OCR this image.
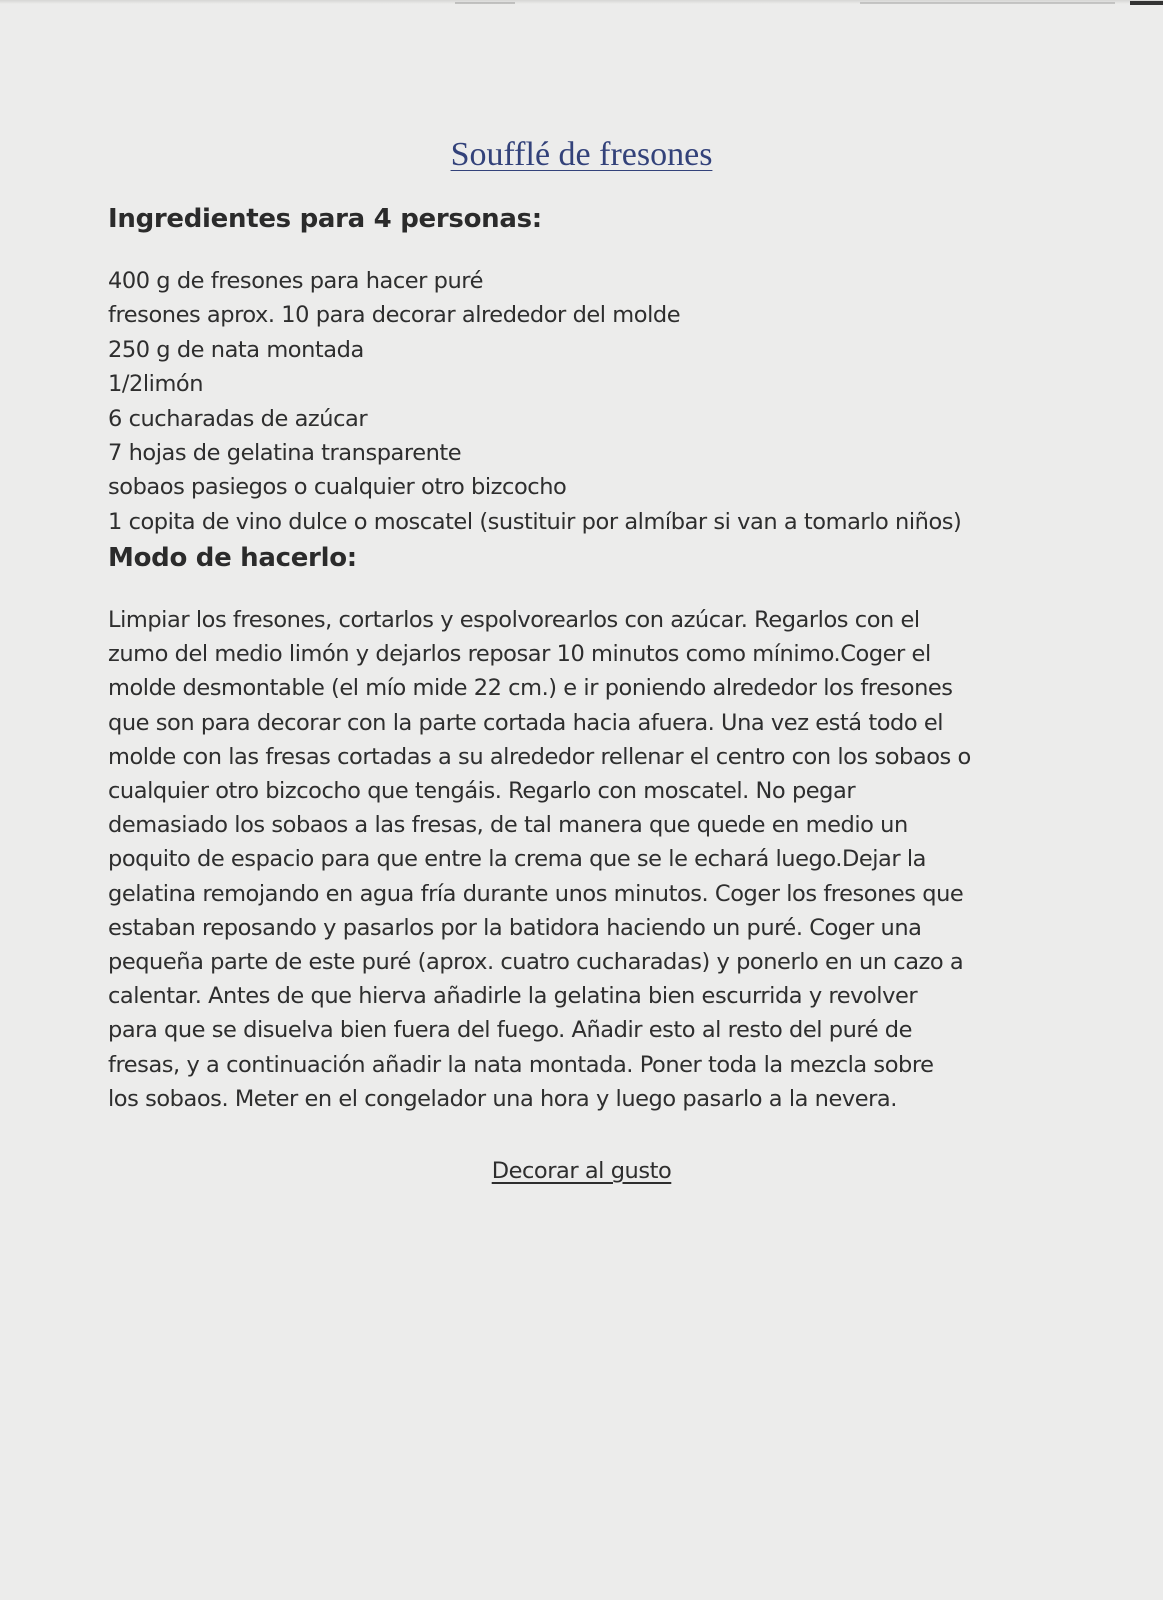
Soufflé de fresones
Ingredientes para 4 personas:
400 g de fresones para hacer puré
fresones aprox. 10 para decorar alrededor del molde
250 g de nata montada
1/2limón
6 cucharadas de azúcar
7 hojas de gelatina transparente
sobaos pasiegos o cualquier otro bizcocho
1 copita de vino dulce o moscatel (sustituir por almíbar si van a tomarlo niños)
Modo de hacerlo:

Limpiar los fresones, cortarlos y espolvorearlos con azúcar. Regarlos con el
zumo del medio limón y dejarlos reposar 10 minutos como mínimo.Coger el
molde desmontable (el mío mide 22 cm.) e ir poniendo alrededor los fresones
que son para decorar con la parte cortada hacia afuera. Una vez está todo el
molde con las fresas cortadas a su alrededor rellenar el centro con los sobaos o
cualquier otro bizcocho que tengáis. Regarlo con moscatel. No pegar
demasiado los sobaos a las fresas, de tal manera que quede en medio un
poquito de espacio para que entre la crema que se le echará luego.Dejar la
gelatina remojando en agua fría durante unos minutos. Coger los fresones que
estaban reposando y pasarlos por la batidora haciendo un puré. Coger una
pequeña parte de este puré (aprox. cuatro cucharadas) y ponerlo en un cazo a
calentar. Antes de que hierva añadirle la gelatina bien escurrida y revolver
para que se disuelva bien fuera del fuego. Añadir esto al resto del puré de
fresas, y a continuación añadir la nata montada. Poner toda la mezcla sobre
los sobaos. Meter en el congelador una hora y luego pasarlo a la nevera.

Decorar al gusto
